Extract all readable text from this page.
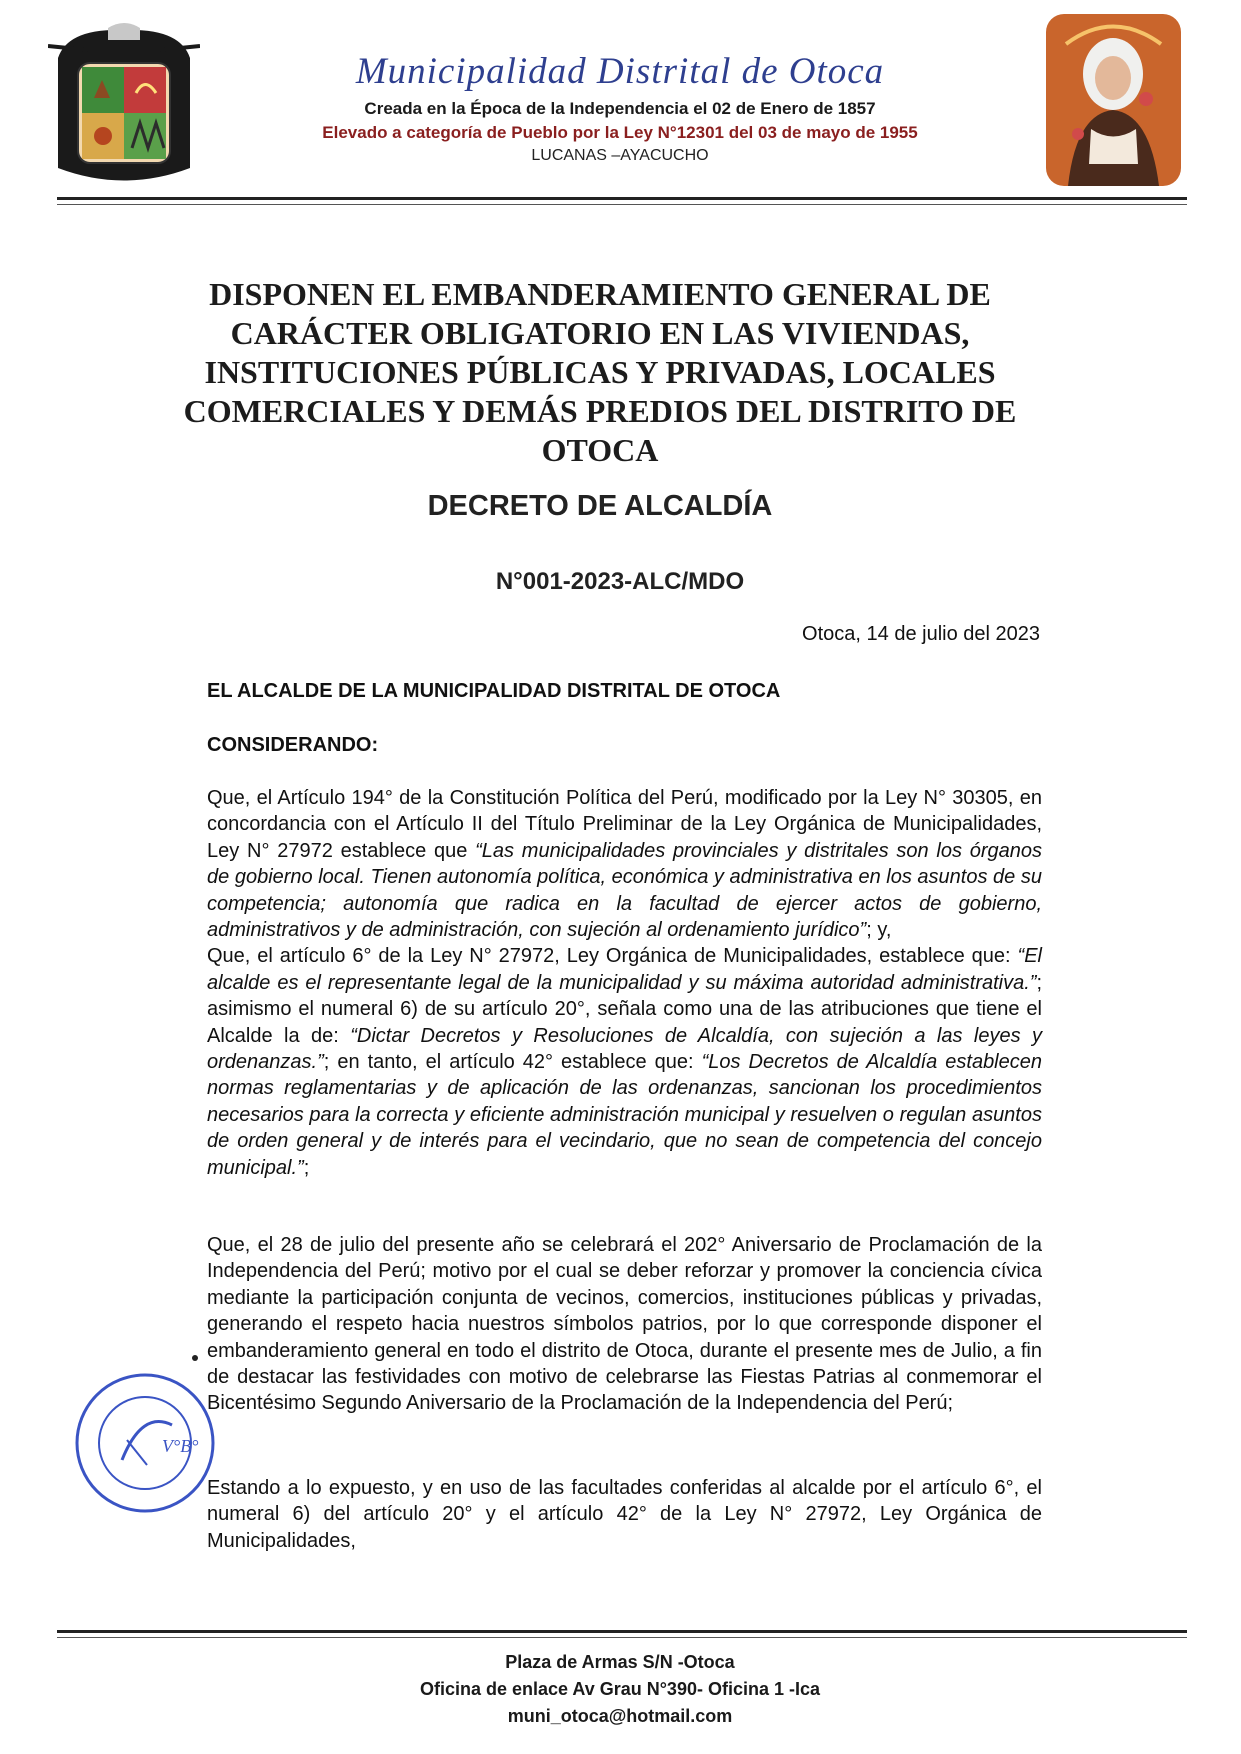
Municipalidad Distrital de Otoca

Creada en la Época de la Independencia el 02 de Enero de 1857

Elevado a categoría de Pueblo por la Ley N°12301 del 03 de mayo de 1955

LUCANAS –AYACUCHO

DISPONEN EL EMBANDERAMIENTO GENERAL DE CARÁCTER OBLIGATORIO EN LAS VIVIENDAS, INSTITUCIONES PÚBLICAS Y PRIVADAS, LOCALES COMERCIALES Y DEMÁS PREDIOS DEL DISTRITO DE OTOCA
DECRETO DE ALCALDÍA
N°001-2023-ALC/MDO

Otoca, 14 de julio del 2023

EL ALCALDE DE LA MUNICIPALIDAD DISTRITAL DE OTOCA

CONSIDERANDO:

Que, el Artículo 194° de la Constitución Política del Perú, modificado por la Ley N° 30305, en concordancia con el Artículo II del Título Preliminar de la Ley Orgánica de Municipalidades, Ley N° 27972 establece que “Las municipalidades provinciales y distritales son los órganos de gobierno local. Tienen autonomía política, económica y administrativa en los asuntos de su competencia; autonomía que radica en la facultad de ejercer actos de gobierno, administrativos y de administración, con sujeción al ordenamiento jurídico”; y,
Que, el artículo 6° de la Ley N° 27972, Ley Orgánica de Municipalidades, establece que: “El alcalde es el representante legal de la municipalidad y su máxima autoridad administrativa.”; asimismo el numeral 6) de su artículo 20°, señala como una de las atribuciones que tiene el Alcalde la de: “Dictar Decretos y Resoluciones de Alcaldía, con sujeción a las leyes y ordenanzas.”; en tanto, el artículo 42° establece que: “Los Decretos de Alcaldía establecen normas reglamentarias y de aplicación de las ordenanzas, sancionan los procedimientos necesarios para la correcta y eficiente administración municipal y resuelven o regulan asuntos de orden general y de interés para el vecindario, que no sean de competencia del concejo municipal.”;

Que, el 28 de julio del presente año se celebrará el 202° Aniversario de Proclamación de la Independencia del Perú; motivo por el cual se deber reforzar y promover la conciencia cívica mediante la participación conjunta de vecinos, comercios, instituciones públicas y privadas, generando el respeto hacia nuestros símbolos patrios, por lo que corresponde disponer el embanderamiento general en todo el distrito de Otoca, durante el presente mes de Julio, a fin de destacar las festividades con motivo de celebrarse las Fiestas Patrias al conmemorar el Bicentésimo Segundo Aniversario de la Proclamación de la Independencia del Perú;

Estando a lo expuesto, y en uso de las facultades conferidas al alcalde por el artículo 6°, el numeral 6) del artículo 20° y el artículo 42° de la Ley N° 27972, Ley Orgánica de Municipalidades,

V°B°

Plaza de Armas S/N -Otoca

Oficina de enlace Av Grau N°390- Oficina 1 -Ica

muni_otoca@hotmail.com
